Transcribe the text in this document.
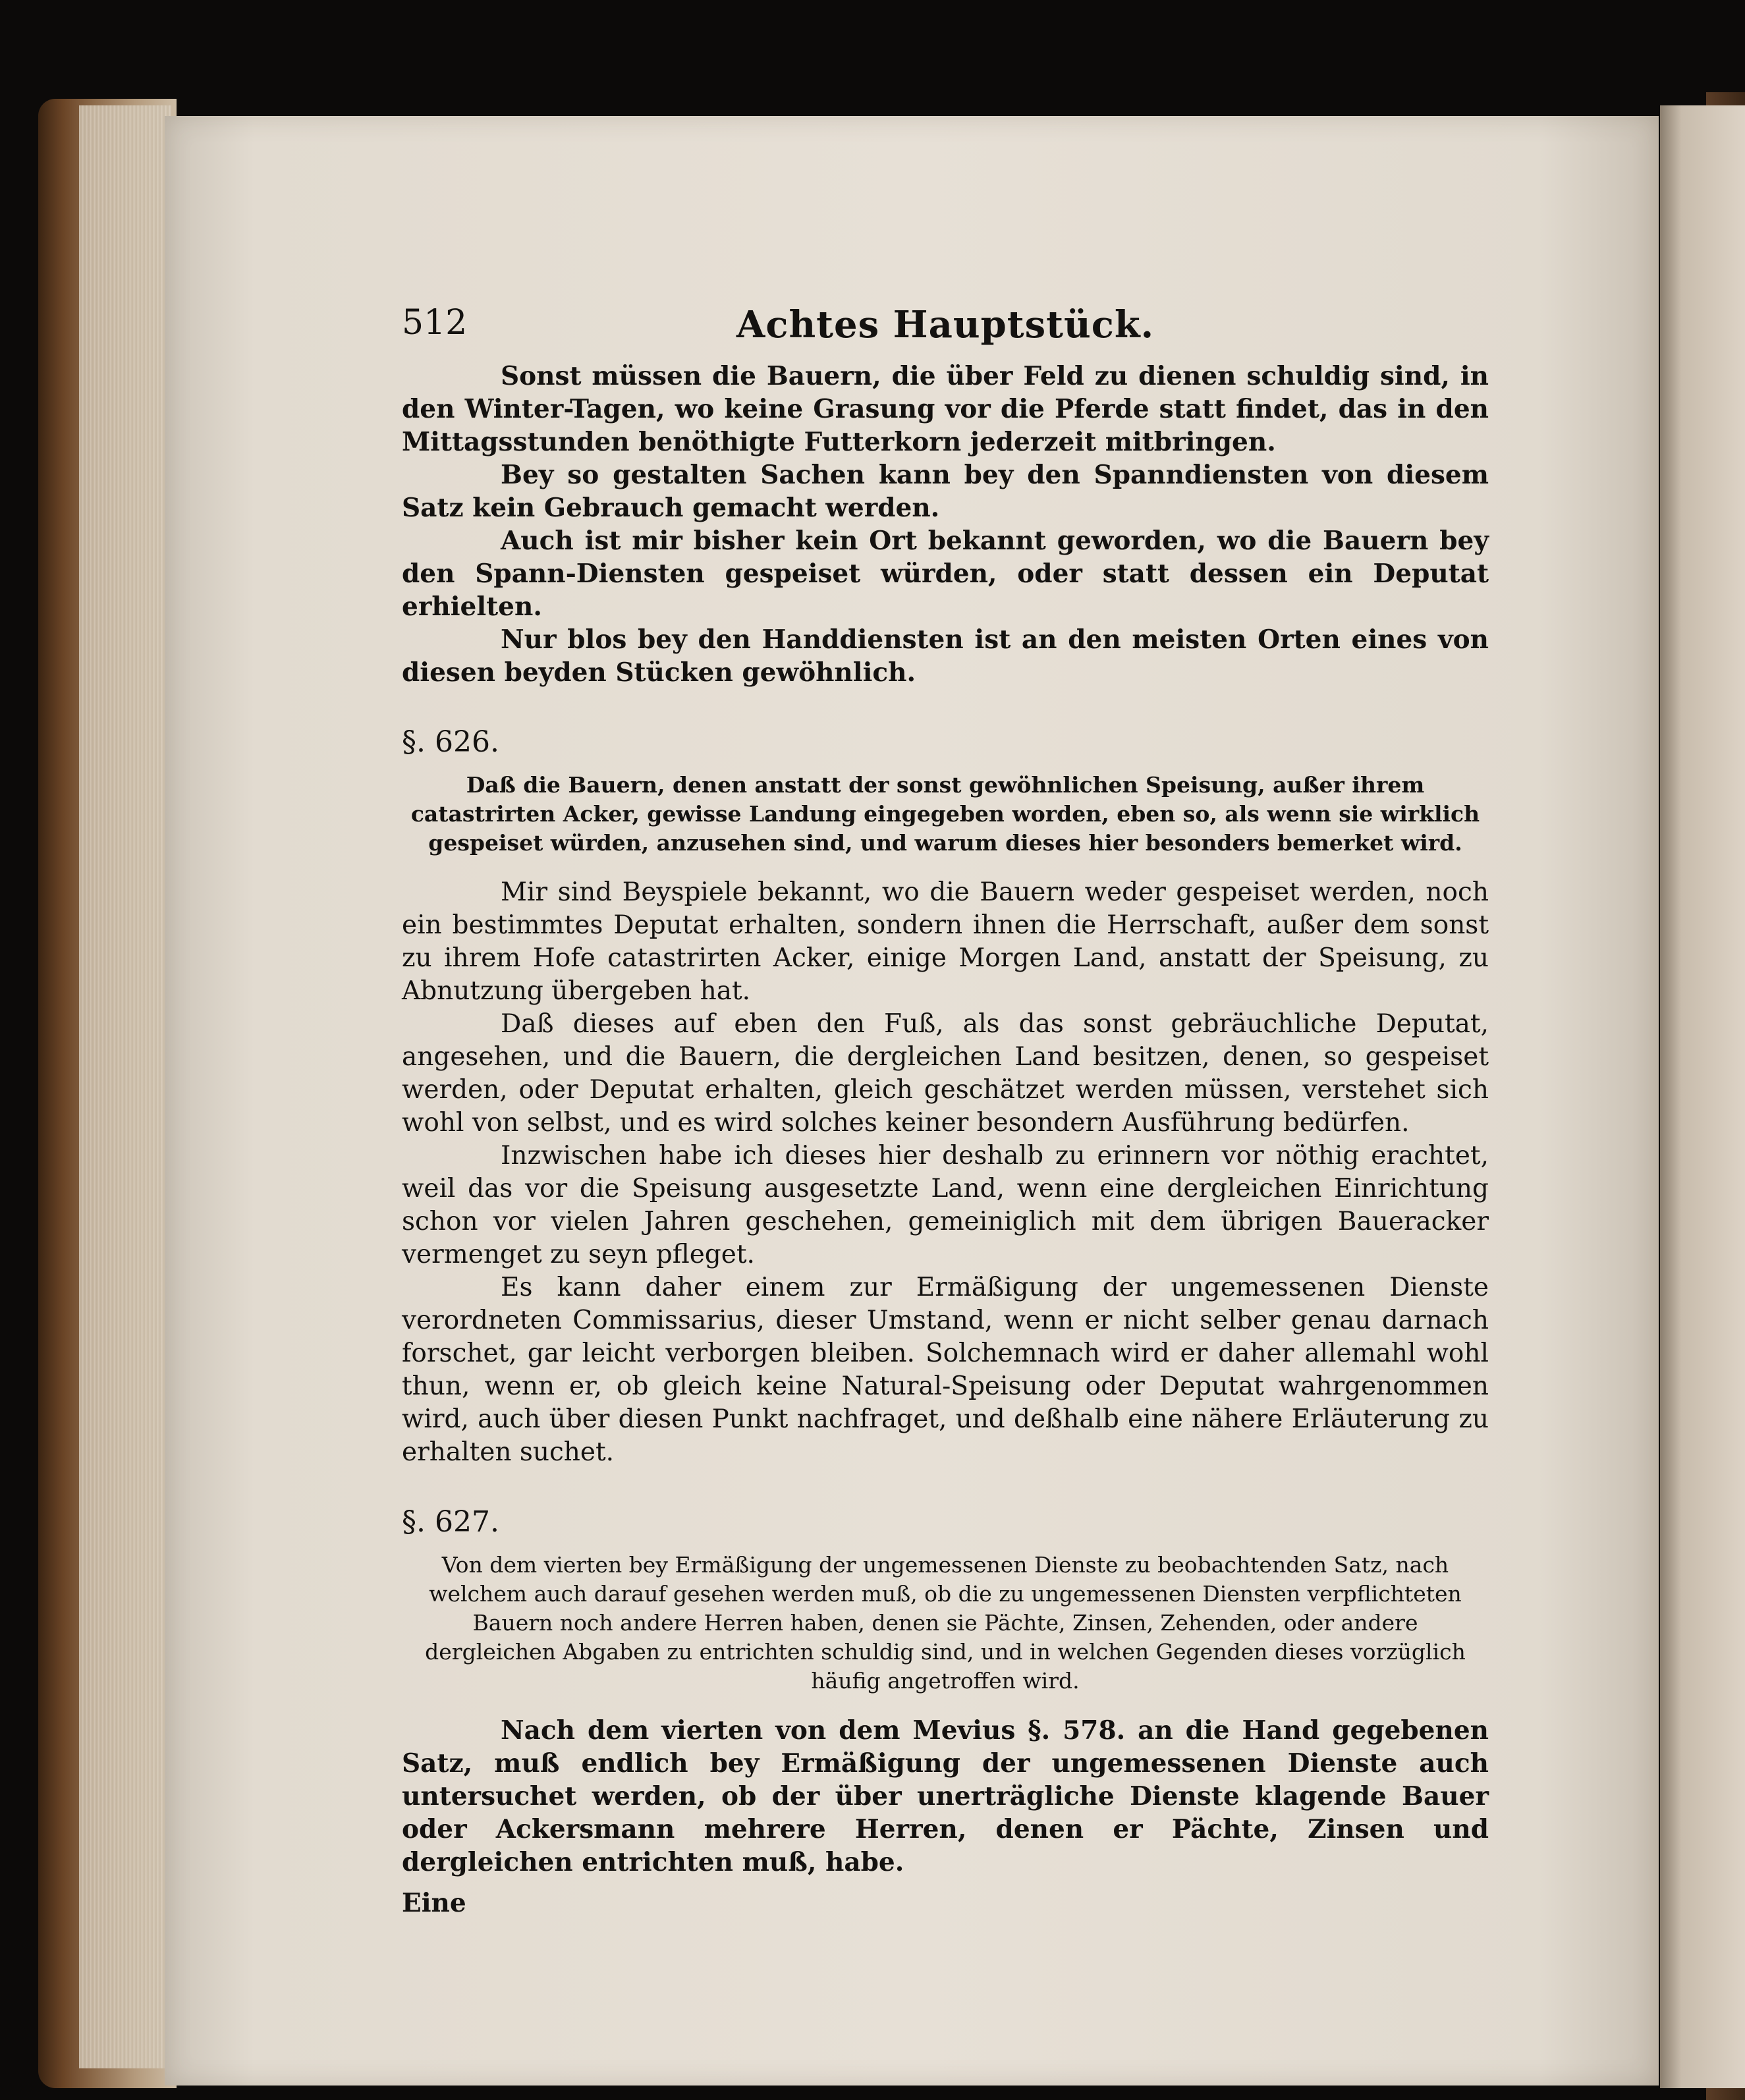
512	Achtes Hauptstück.

Sonst müssen die Bauern, die über Feld zu dienen schuldig sind, in den Winter-Tagen, wo keine Grasung vor die Pferde statt findet, das in den Mittagsstunden benöthigte Futterkorn jederzeit mitbringen.

Bey so gestalten Sachen kann bey den Spanndiensten von diesem Satz kein Gebrauch gemacht werden.

Auch ist mir bisher kein Ort bekannt geworden, wo die Bauern bey den Spann-Diensten gespeiset würden, oder statt dessen ein Deputat erhielten.

Nur blos bey den Handdiensten ist an den meisten Orten eines von diesen beyden Stücken gewöhnlich.

§. 626.

Daß die Bauern, denen anstatt der sonst gewöhnlichen Speisung, außer ihrem catastrirten Acker, gewisse Landung eingegeben worden, eben so, als wenn sie wirklich gespeiset würden, anzusehen sind, und warum dieses hier besonders bemerket wird.

Mir sind Beyspiele bekannt, wo die Bauern weder gespeiset werden, noch ein bestimmtes Deputat erhalten, sondern ihnen die Herrschaft, außer dem sonst zu ihrem Hofe catastrirten Acker, einige Morgen Land, anstatt der Speisung, zu Abnutzung übergeben hat.

Daß dieses auf eben den Fuß, als das sonst gebräuchliche Deputat, angesehen, und die Bauern, die dergleichen Land besitzen, denen, so gespeiset werden, oder Deputat erhalten, gleich geschätzet werden müssen, verstehet sich wohl von selbst, und es wird solches keiner besondern Ausführung bedürfen.

Inzwischen habe ich dieses hier deshalb zu erinnern vor nöthig erachtet, weil das vor die Speisung ausgesetzte Land, wenn eine dergleichen Einrichtung schon vor vielen Jahren geschehen, gemeiniglich mit dem übrigen Baueracker vermenget zu seyn pfleget.

Es kann daher einem zur Ermäßigung der ungemessenen Dienste verordneten Commissarius, dieser Umstand, wenn er nicht selber genau darnach forschet, gar leicht verborgen bleiben. Solchemnach wird er daher allemahl wohl thun, wenn er, ob gleich keine Natural-Speisung oder Deputat wahrgenommen wird, auch über diesen Punkt nachfraget, und deßhalb eine nähere Erläuterung zu erhalten suchet.

§. 627.

Von dem vierten bey Ermäßigung der ungemessenen Dienste zu beobachtenden Satz, nach welchem auch darauf gesehen werden muß, ob die zu ungemessenen Diensten verpflichteten Bauern noch andere Herren haben, denen sie Pächte, Zinsen, Zehenden, oder andere dergleichen Abgaben zu entrichten schuldig sind, und in welchen Gegenden dieses vorzüglich häufig angetroffen wird.

Nach dem vierten von dem Mevius §. 578. an die Hand gegebenen Satz, muß endlich bey Ermäßigung der ungemessenen Dienste auch untersuchet werden, ob der über unerträgliche Dienste klagende Bauer oder Ackersmann mehrere Herren, denen er Pächte, Zinsen und dergleichen entrichten muß, habe.

Eine
